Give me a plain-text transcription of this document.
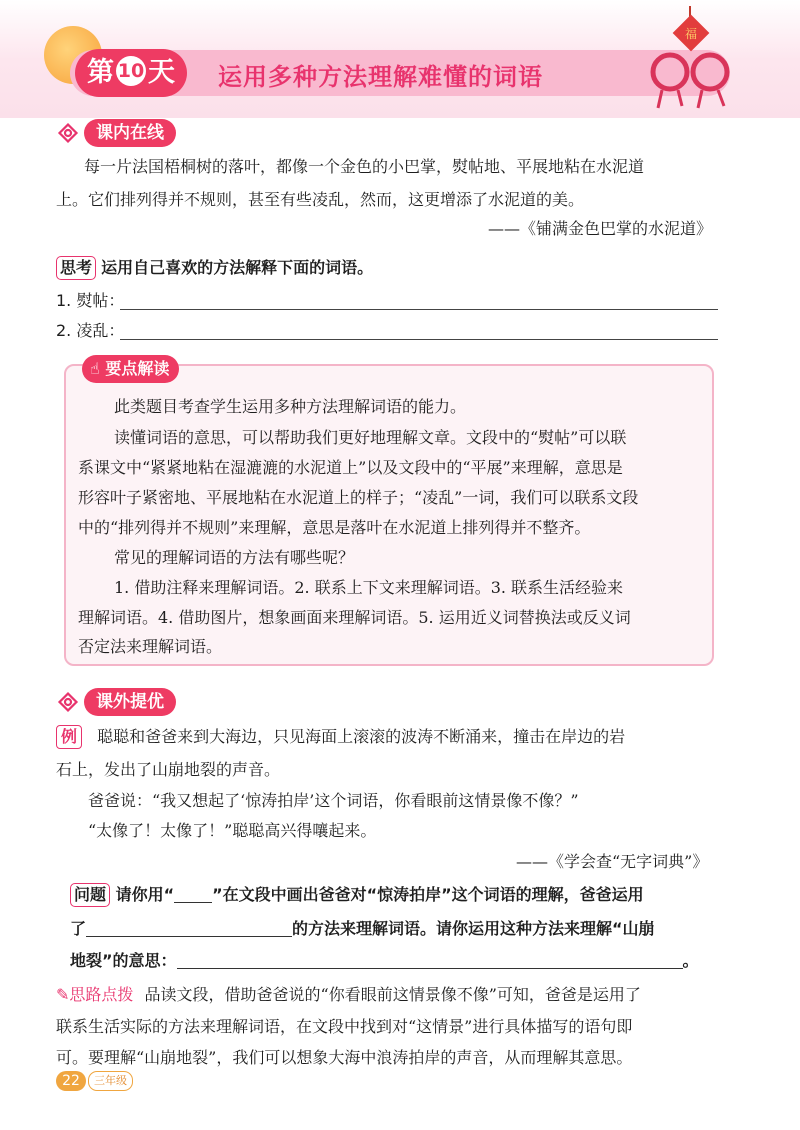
第 10 天	运用多种方法理解难懂的词语
福
课内在线
每一片法国梧桐树的落叶，都像一个金色的小巴掌，熨帖地、平展地粘在水泥道
上。它们排列得并不规则，甚至有些凌乱，然而，这更增添了水泥道的美。
——《铺满金色巴掌的水泥道》
思考 运用自己喜欢的方法解释下面的词语。
1. 熨帖：
2. 凌乱：
☝ 要点解读
此类题目考查学生运用多种方法理解词语的能力。
读懂词语的意思，可以帮助我们更好地理解文章。文段中的“熨帖”可以联
系课文中“紧紧地粘在湿漉漉的水泥道上”以及文段中的“平展”来理解，意思是
形容叶子紧密地、平展地粘在水泥道上的样子；“凌乱”一词，我们可以联系文段
中的“排列得并不规则”来理解，意思是落叶在水泥道上排列得并不整齐。
常见的理解词语的方法有哪些呢？
1. 借助注释来理解词语。2. 联系上下文来理解词语。3. 联系生活经验来
理解词语。4. 借助图片，想象画面来理解词语。5. 运用近义词替换法或反义词
否定法来理解词语。
课外提优
例 聪聪和爸爸来到大海边，只见海面上滚滚的波涛不断涌来，撞击在岸边的岩
石上，发出了山崩地裂的声音。
爸爸说：“我又想起了‘惊涛拍岸’这个词语，你看眼前这情景像不像？”
“太像了！太像了！”聪聪高兴得嚷起来。
——《学会查“无字词典”》
问题 请你用“ ”在文段中画出爸爸对“惊涛拍岸”这个词语的理解，爸爸运用
了	的方法来理解词语。请你运用这种方法来理解“山崩
地裂”的意思：	。
✎思路点拨 品读文段，借助爸爸说的“你看眼前这情景像不像”可知，爸爸是运用了
联系生活实际的方法来理解词语，在文段中找到对“这情景”进行具体描写的语句即
可。要理解“山崩地裂”，我们可以想象大海中浪涛拍岸的声音，从而理解其意思。
22	三年级
